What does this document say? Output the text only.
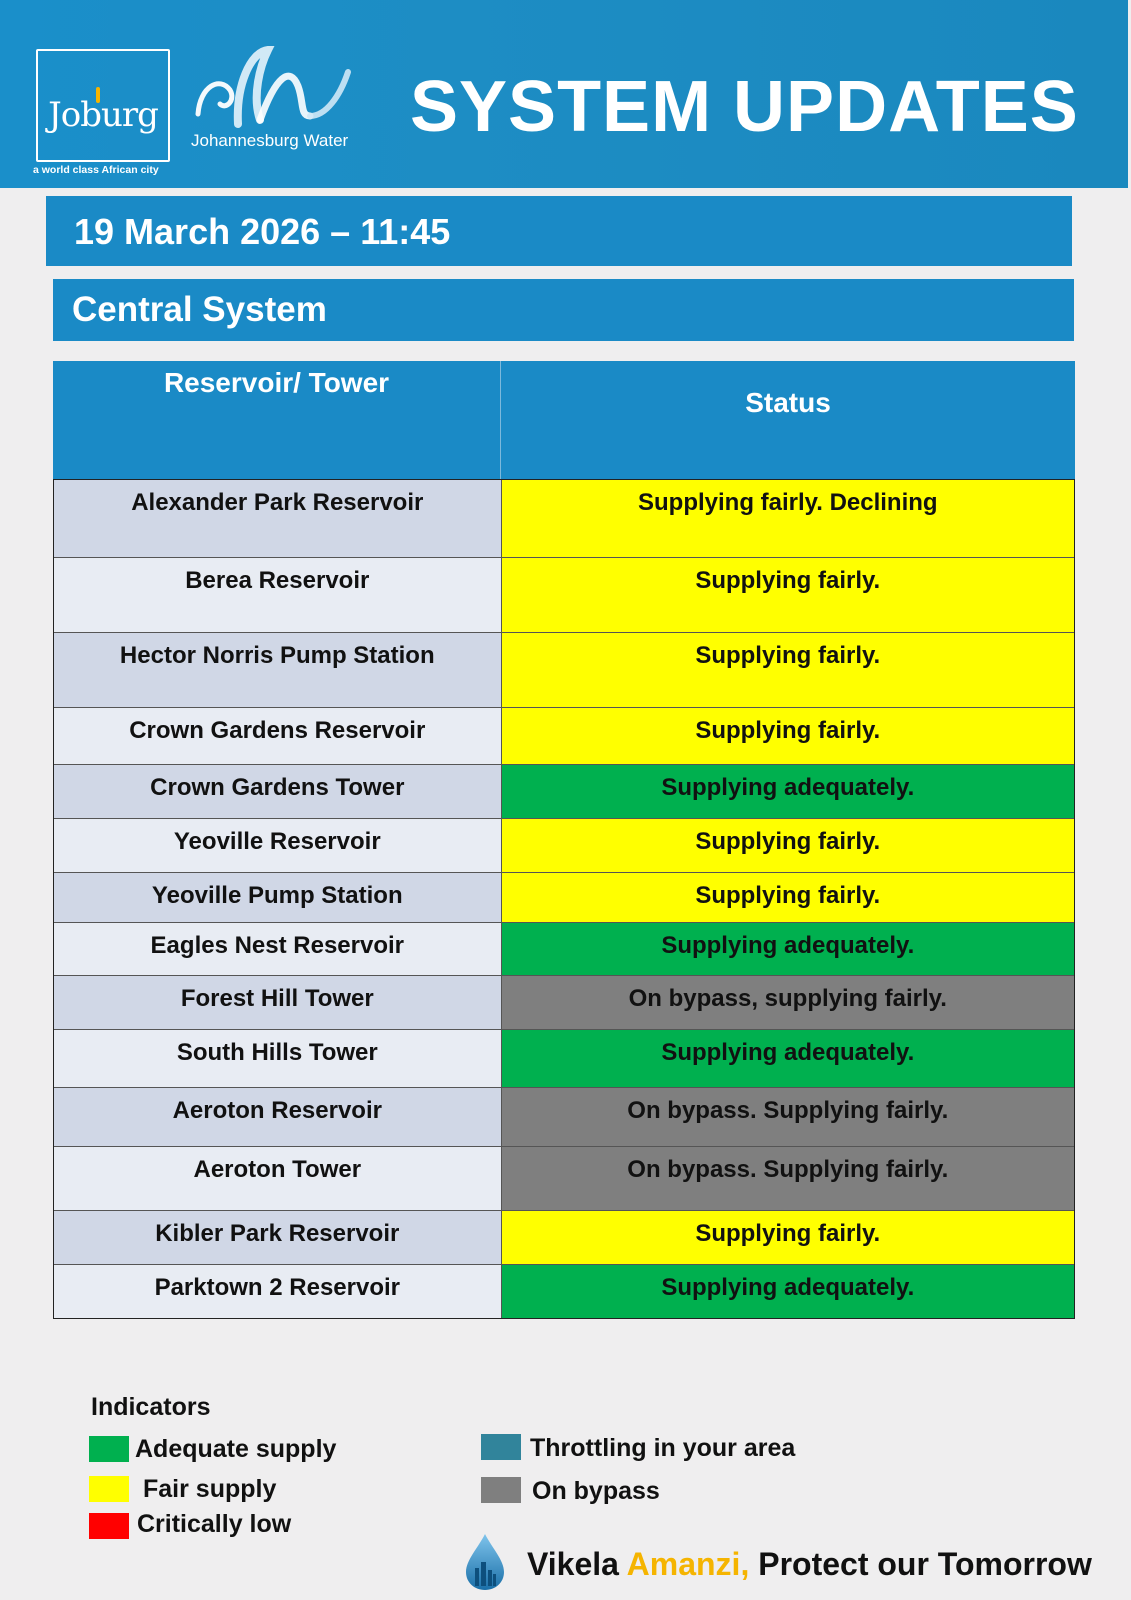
Joburg
a world class African city
Johannesburg Water SYSTEM UPDATES
19 March 2026 – 11:45
Central System
Reservoir/ Tower
Status
Alexander Park Reservoir	Supplying fairly. Declining
Berea Reservoir	Supplying fairly.
Hector Norris Pump Station	Supplying fairly.
Crown Gardens Reservoir	Supplying fairly.
Crown Gardens Tower	Supplying adequately.
Yeoville Reservoir	Supplying fairly.
Yeoville Pump Station	Supplying fairly.
Eagles Nest Reservoir	Supplying adequately.
Forest Hill Tower	On bypass, supplying fairly.
South Hills Tower	Supplying adequately.
Aeroton Reservoir	On bypass. Supplying fairly.
Aeroton Tower	On bypass. Supplying fairly.
Kibler Park Reservoir	Supplying fairly.
Parktown 2 Reservoir	Supplying adequately.
Indicators
Adequate supply
Fair supply
Critically low
Throttling in your area
On bypass
Vikela Amanzi, Protect our Tomorrow
